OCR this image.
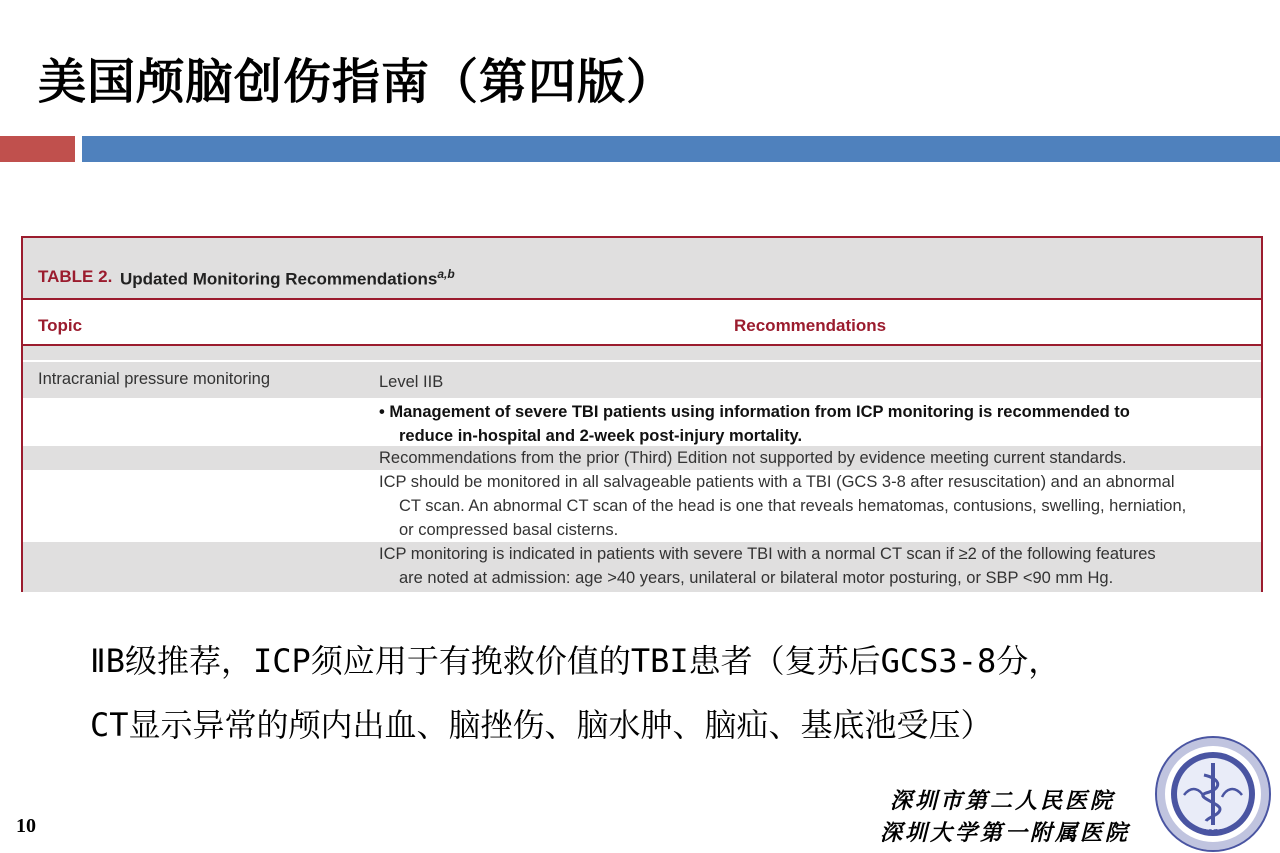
美国颅脑创伤指南（第四版）
TABLE 2. Updated Monitoring Recommendations$^{a,b}$
Topic	Recommendations
Intracranial pressure monitoring	Level IIB
• Management of severe TBI patients using information from ICP monitoring is recommended to
reduce in-hospital and 2-week post-injury mortality.
Recommendations from the prior (Third) Edition not supported by evidence meeting current standards.
ICP should be monitored in all salvageable patients with a TBI (GCS 3-8 after resuscitation) and an abnormal
CT scan. An abnormal CT scan of the head is one that reveals hematomas, contusions, swelling, herniation,
or compressed basal cisterns.
ICP monitoring is indicated in patients with severe TBI with a normal CT scan if ≥2 of the following features
are noted at admission: age >40 years, unilateral or bilateral motor posturing, or SBP <90 mm Hg.
ⅡB级推荐，ICP须应用于有挽救价值的TBI患者（复苏后GCS3-8分，
CT显示异常的颅内出血、脑挫伤、脑水肿、脑疝、基底池受压）
深圳市第二人民医院
深圳大学第一附属医院
10	1979
